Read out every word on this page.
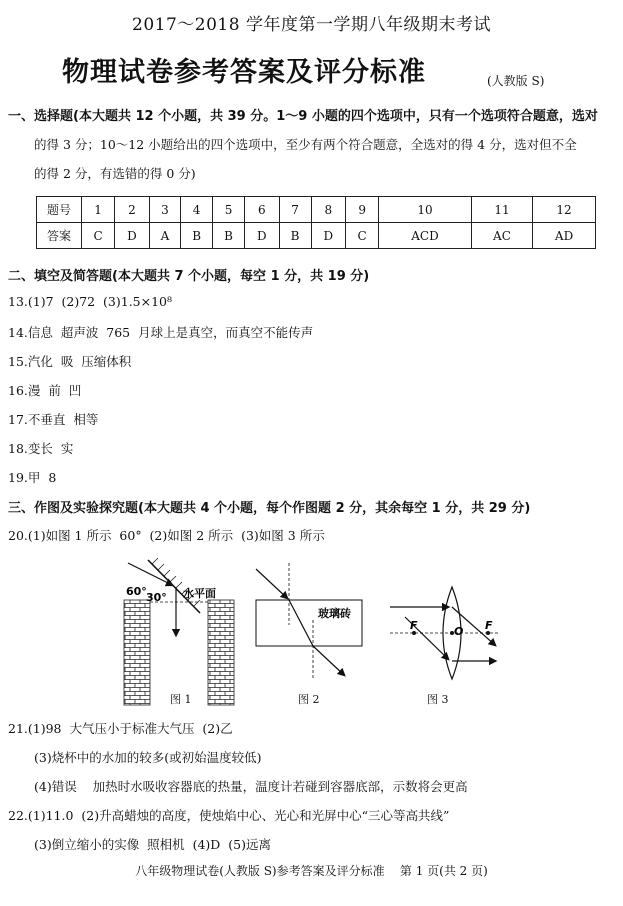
2017～2018 学年度第一学期八年级期末考试
物理试卷参考答案及评分标准	(人教版 S)
一、选择题(本大题共 12 个小题，共 39 分。1～9 小题的四个选项中，只有一个选项符合题意，选对
的得 3 分；10～12 小题给出的四个选项中，至少有两个符合题意，全选对的得 4 分，选对但不全
的得 2 分，有选错的得 0 分)
题号	1	2	3	4	5	6	7	8	9	10	11	12
答案	C	D	A	B	B	D	B	D	C	ACD	AC	AD
二、填空及简答题(本大题共 7 个小题，每空 1 分，共 19 分)
13.(1)7  (2)72  (3)1.5×10⁸
14.信息  超声波  765  月球上是真空，而真空不能传声
15.汽化  吸  压缩体积
16.漫  前  凹
17.不垂直  相等
18.变长  实
19.甲  8
三、作图及实验探究题(本大题共 4 个小题，每个作图题 2 分，其余每空 1 分，共 29 分)
20.(1)如图 1 所示  60°  (2)如图 2 所示  (3)如图 3 所示
60° 30° 水平面
玻璃砖
F	O F
图 1	图 2	图 3
21.(1)98  大气压小于标准大气压  (2)乙
(3)烧杯中的水加的较多(或初始温度较低)
(4)错误    加热时水吸收容器底的热量，温度计若碰到容器底部，示数将会更高
22.(1)11.0  (2)升高蜡烛的高度，使烛焰中心、光心和光屏中心“三心等高共线”
(3)倒立缩小的实像  照相机  (4)D  (5)远离
八年级物理试卷(人教版 S)参考答案及评分标准    第 1 页(共 2 页)
